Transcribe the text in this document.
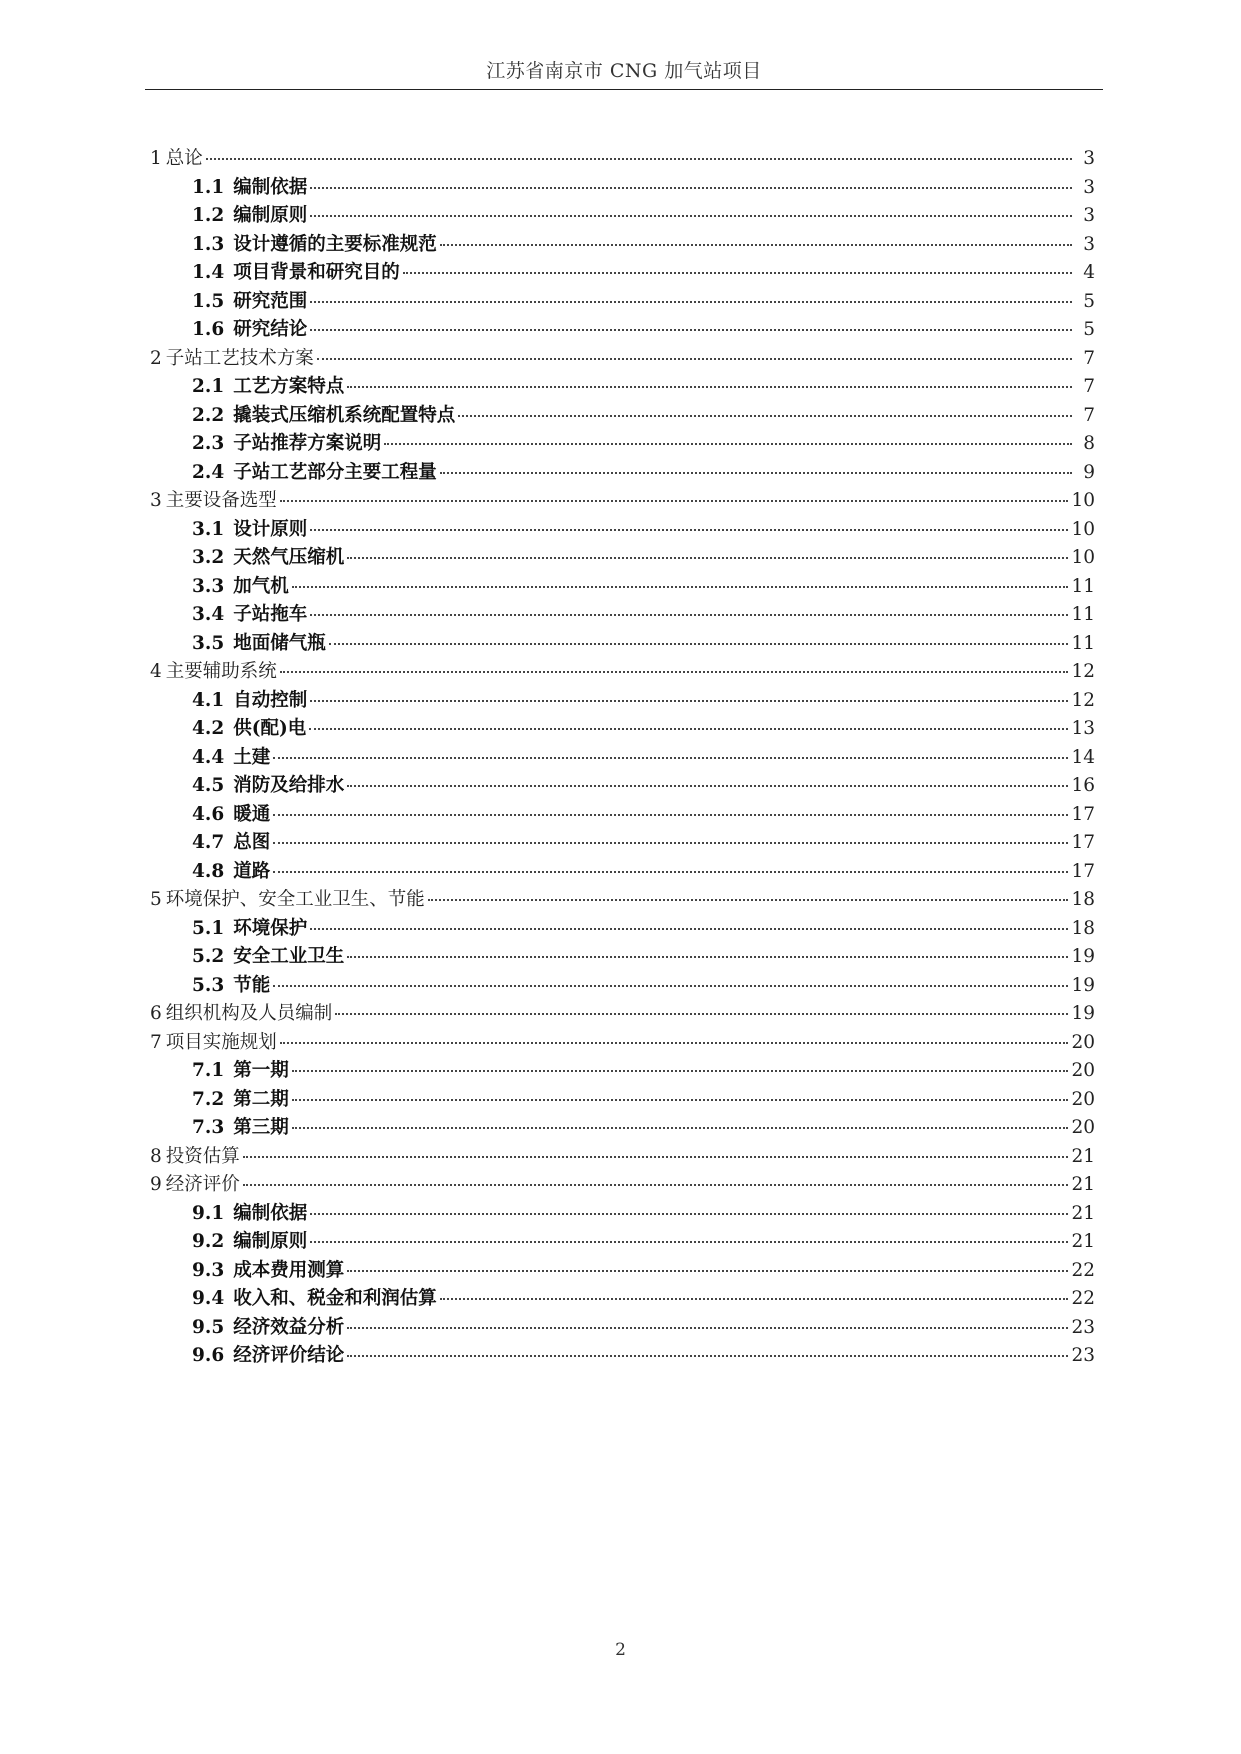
江苏省南京市 CNG 加气站项目
1 总论	3
1.1 编制依据	3
1.2 编制原则	3
1.3 设计遵循的主要标准规范	3
1.4 项目背景和研究目的	4
1.5 研究范围	5
1.6 研究结论	5
2 子站工艺技术方案	7
2.1 工艺方案特点	7
2.2 撬装式压缩机系统配置特点	7
2.3 子站推荐方案说明	8
2.4 子站工艺部分主要工程量	9
3 主要设备选型	10
3.1 设计原则	10
3.2 天然气压缩机	10
3.3 加气机	11
3.4 子站拖车	11
3.5 地面储气瓶	11
4 主要辅助系统	12
4.1 自动控制	12
4.2 供(配)电	13
4.4 土建	14
4.5 消防及给排水	16
4.6 暖通	17
4.7 总图	17
4.8 道路	17
5 环境保护、安全工业卫生、节能	18
5.1 环境保护	18
5.2 安全工业卫生	19
5.3 节能	19
6 组织机构及人员编制	19
7 项目实施规划	20
7.1 第一期	20
7.2 第二期	20
7.3 第三期	20
8 投资估算	21
9 经济评价	21
9.1 编制依据	21
9.2 编制原则	21
9.3 成本费用测算	22
9.4 收入和、税金和利润估算	22
9.5 经济效益分析	23
9.6 经济评价结论	23
2
